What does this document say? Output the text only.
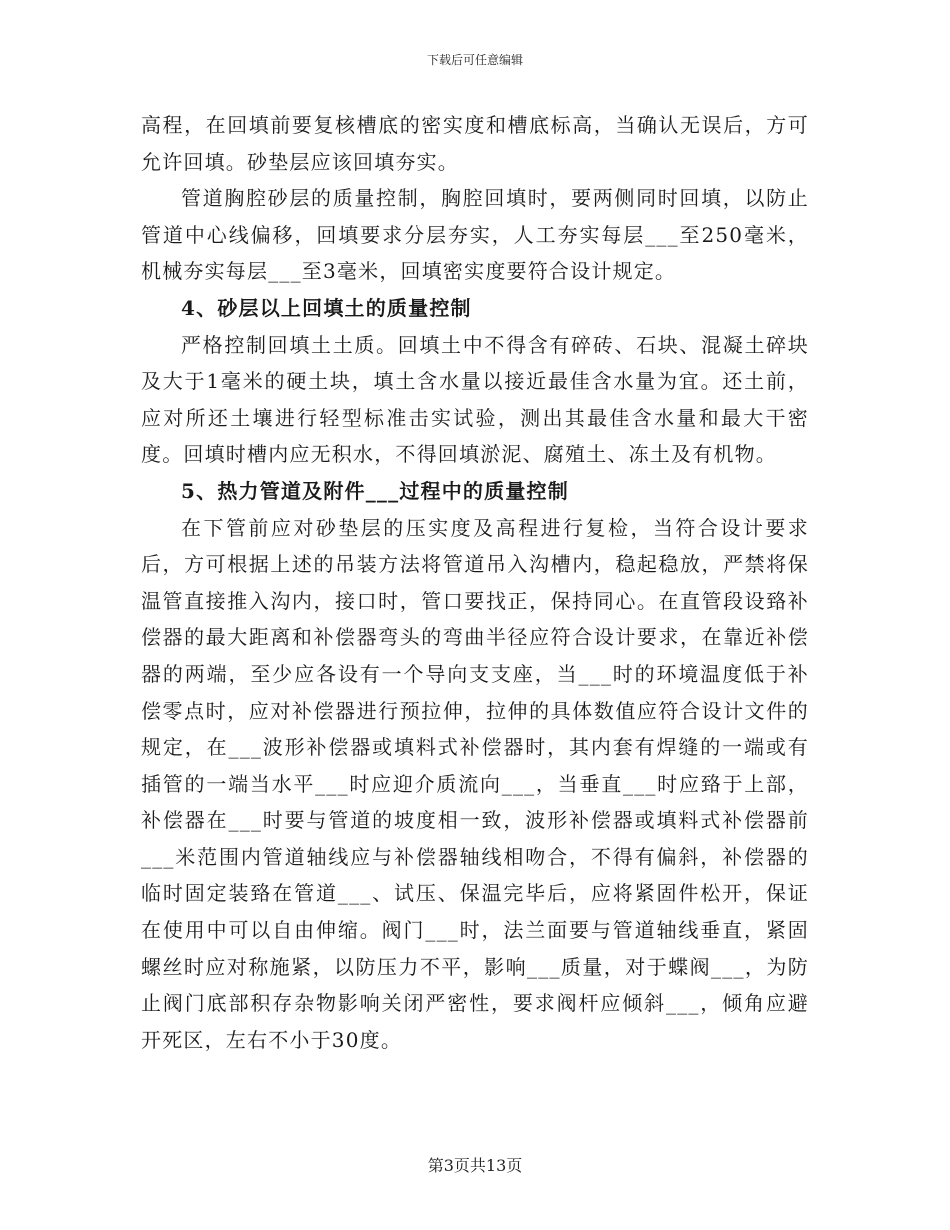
下载后可任意编辑

高程，在回填前要复核槽底的密实度和槽底标高，当确认无误后，方可允许回填。砂垫层应该回填夯实。

管道胸腔砂层的质量控制，胸腔回填时，要两侧同时回填，以防止管道中心线偏移，回填要求分层夯实，人工夯实每层___至250毫米，机械夯实每层___至3毫米，回填密实度要符合设计规定。

4、砂层以上回填土的质量控制

严格控制回填土土质。回填土中不得含有碎砖、石块、混凝土碎块及大于1毫米的硬土块，填土含水量以接近最佳含水量为宜。还土前，应对所还土壤进行轻型标准击实试验，测出其最佳含水量和最大干密度。回填时槽内应无积水，不得回填淤泥、腐殖土、冻土及有机物。

5、热力管道及附件___过程中的质量控制

在下管前应对砂垫层的压实度及高程进行复检，当符合设计要求后，方可根据上述的吊装方法将管道吊入沟槽内，稳起稳放，严禁将保温管直接推入沟内，接口时，管口要找正，保持同心。在直管段设臵补偿器的最大距离和补偿器弯头的弯曲半径应符合设计要求，在靠近补偿器的两端，至少应各设有一个导向支支座，当___时的环境温度低于补偿零点时，应对补偿器进行预拉伸，拉伸的具体数值应符合设计文件的规定，在___波形补偿器或填料式补偿器时，其内套有焊缝的一端或有插管的一端当水平___时应迎介质流向___，当垂直___时应臵于上部，补偿器在___时要与管道的坡度相一致，波形补偿器或填料式补偿器前___米范围内管道轴线应与补偿器轴线相吻合，不得有偏斜，补偿器的临时固定装臵在管道___、试压、保温完毕后，应将紧固件松开，保证在使用中可以自由伸缩。阀门___时，法兰面要与管道轴线垂直，紧固螺丝时应对称施紧，以防压力不平，影响___质量，对于蝶阀___，为防止阀门底部积存杂物影响关闭严密性，要求阀杆应倾斜___，倾角应避开死区，左右不小于30度。

第3页共13页
